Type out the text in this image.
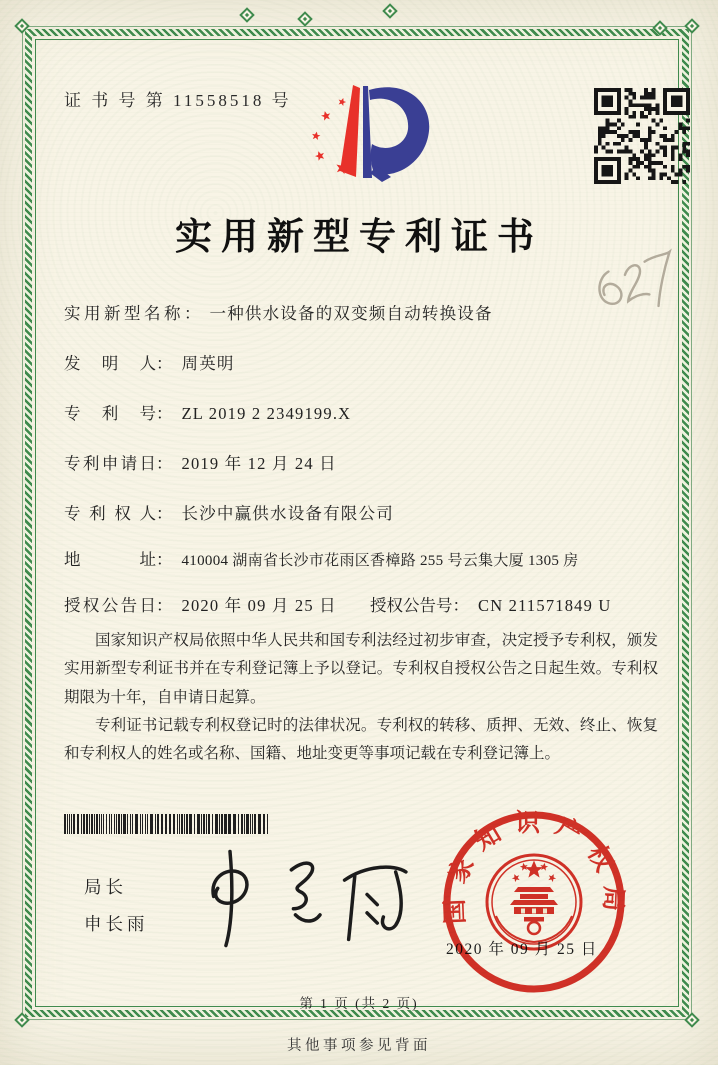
证 书 号 第 11558518 号
实用新型专利证书
实用新型名称： 一种供水设备的双变频自动转换设备
发明人： 周英明
专利号： ZL 2019 2 2349199.X
专利申请日： 2019 年 12 月 24 日
专利权人： 长沙中赢供水设备有限公司
地址： 410004 湖南省长沙市花雨区香樟路 255 号云集大厦 1305 房
授权公告日： 2020 年 09 月 25 日 授权公告号： CN 211571849 U

国家知识产权局依照中华人民共和国专利法经过初步审查，决定授予专利权，颁发实用新型专利证书并在专利登记簿上予以登记。专利权自授权公告之日起生效。专利权期限为十年，自申请日起算。

专利证书记载专利权登记时的法律状况。专利权的转移、质押、无效、终止、恢复和专利权人的姓名或名称、国籍、地址变更等事项记载在专利登记簿上。

局长
申长雨
2020 年 09 月 25 日
国家知识产权局
第 1 页 (共 2 页)
其他事项参见背面
